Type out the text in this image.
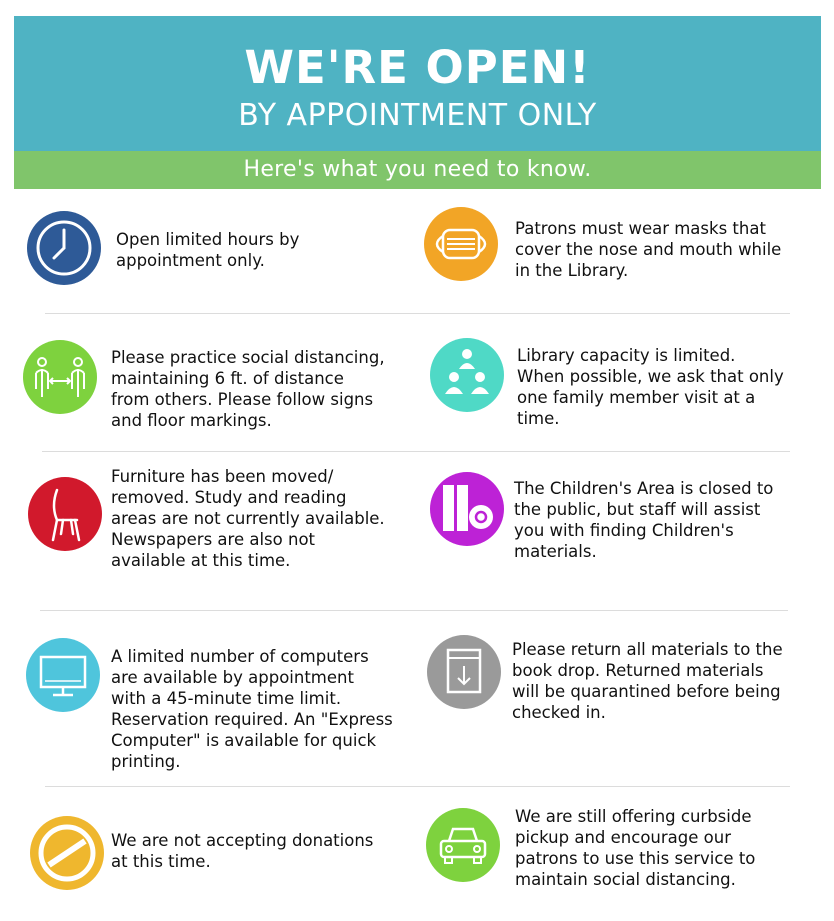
WE'RE OPEN!
BY APPOINTMENT ONLY
Here's what you need to know.
Open limited hours by
appointment only.
Patrons must wear masks that
cover the nose and mouth while
in the Library.
Please practice social distancing,
maintaining 6 ft. of distance
from others. Please follow signs
and floor markings.
Library capacity is limited.
When possible, we ask that only
one family member visit at a
time.
Furniture has been moved/
removed. Study and reading
areas are not currently available.
Newspapers are also not
available at this time.
The Children's Area is closed to
the public, but staff will assist
you with finding Children's
materials.
A limited number of computers
are available by appointment
with a 45-minute time limit.
Reservation required. An "Express
Computer" is available for quick
printing.
Please return all materials to the
book drop. Returned materials
will be quarantined before being
checked in.
We are not accepting donations
at this time.
We are still offering curbside
pickup and encourage our
patrons to use this service to
maintain social distancing.
